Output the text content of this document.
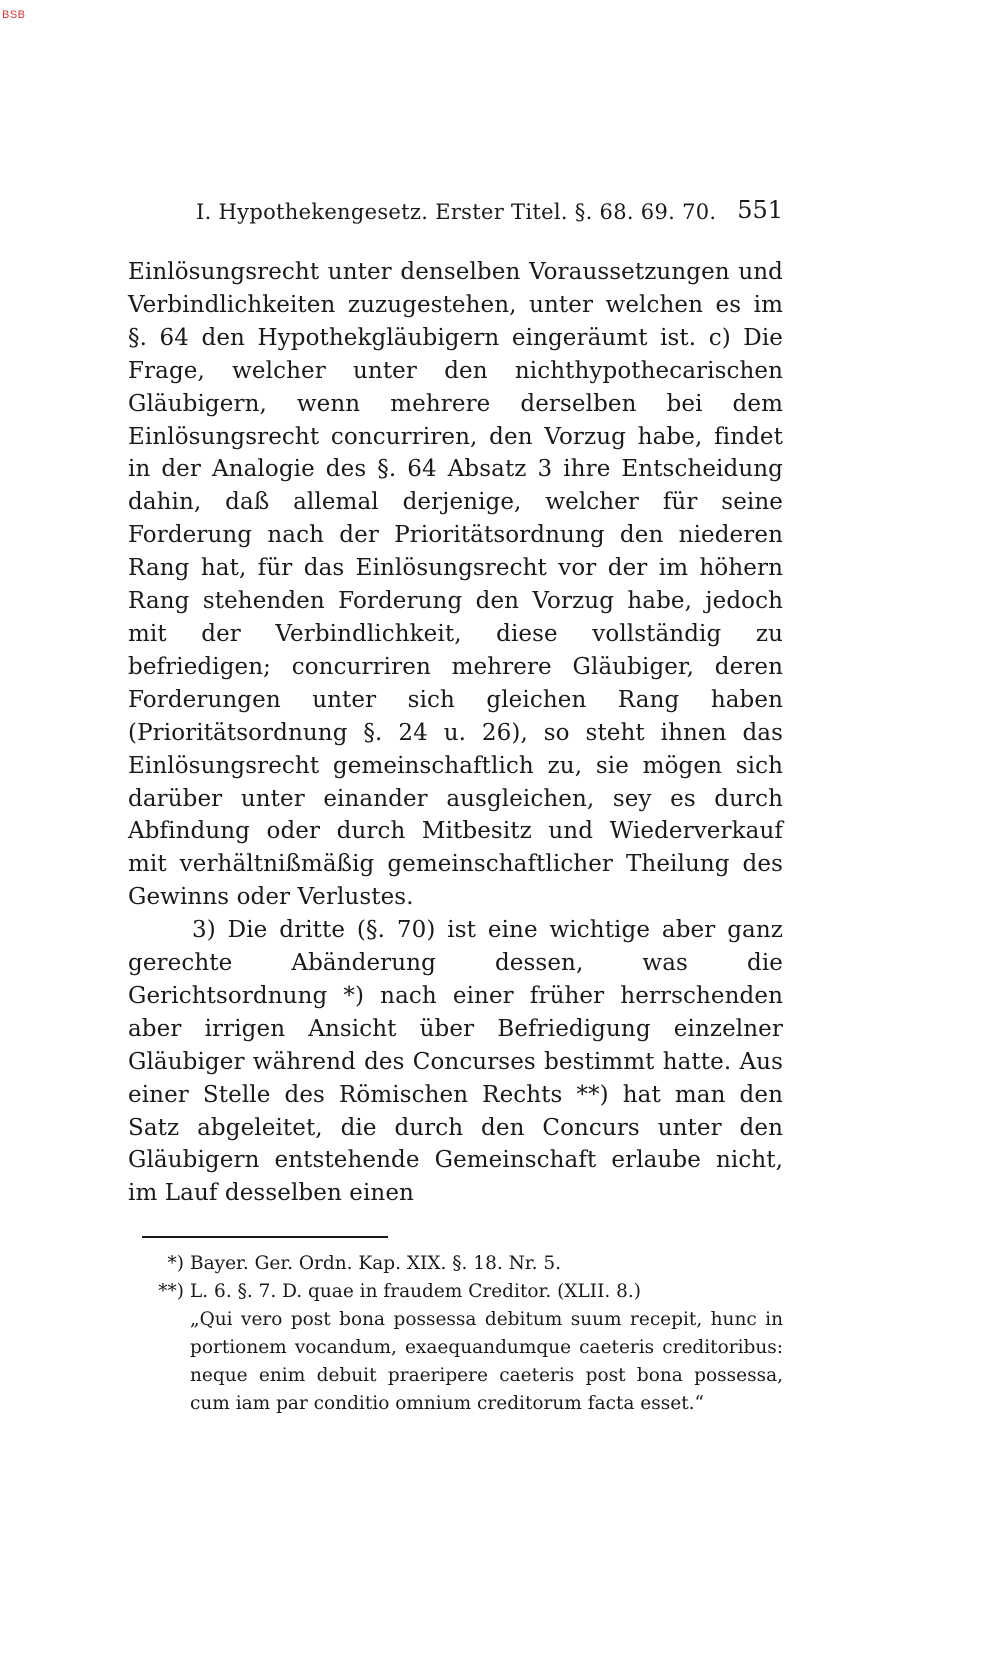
BSB
I. Hypothekengesetz. Erster Titel. §. 68. 69. 70. 551

Einlösungsrecht unter denselben Voraussetzungen und Verbindlichkeiten zuzugestehen, unter welchen es im §. 64 den Hypothekgläubigern eingeräumt ist. c) Die Frage, welcher unter den nichthypothecarischen Gläubigern, wenn mehrere derselben bei dem Einlösungsrecht concurriren, den Vorzug habe, findet in der Analogie des §. 64 Absatz 3 ihre Entscheidung dahin, daß allemal derjenige, welcher für seine Forderung nach der Prioritätsordnung den niederen Rang hat, für das Einlösungsrecht vor der im höhern Rang stehenden Forderung den Vorzug habe, jedoch mit der Verbindlichkeit, diese vollständig zu befriedigen; concurriren mehrere Gläubiger, deren Forderungen unter sich gleichen Rang haben (Prioritätsordnung §. 24 u. 26), so steht ihnen das Einlösungsrecht gemeinschaftlich zu, sie mögen sich darüber unter einander ausgleichen, sey es durch Abfindung oder durch Mitbesitz und Wiederverkauf mit verhältnißmäßig gemeinschaftlicher Theilung des Gewinns oder Verlustes.

3) Die dritte (§. 70) ist eine wichtige aber ganz gerechte Abänderung dessen, was die Gerichtsordnung *) nach einer früher herrschenden aber irrigen Ansicht über Befriedigung einzelner Gläubiger während des Concurses bestimmt hatte. Aus einer Stelle des Römischen Rechts **) hat man den Satz abgeleitet, die durch den Concurs unter den Gläubigern entstehende Gemeinschaft erlaube nicht, im Lauf desselben einen

*) Bayer. Ger. Ordn. Kap. XIX. §. 18. Nr. 5.
**) L. 6. §. 7. D. quae in fraudem Creditor. (XLII. 8.)

„Qui vero post bona possessa debitum suum recepit, hunc in portionem vocandum, exaequandumque caeteris creditoribus: neque enim debuit praeripere caeteris post bona possessa, cum iam par conditio omnium creditorum facta esset.“
